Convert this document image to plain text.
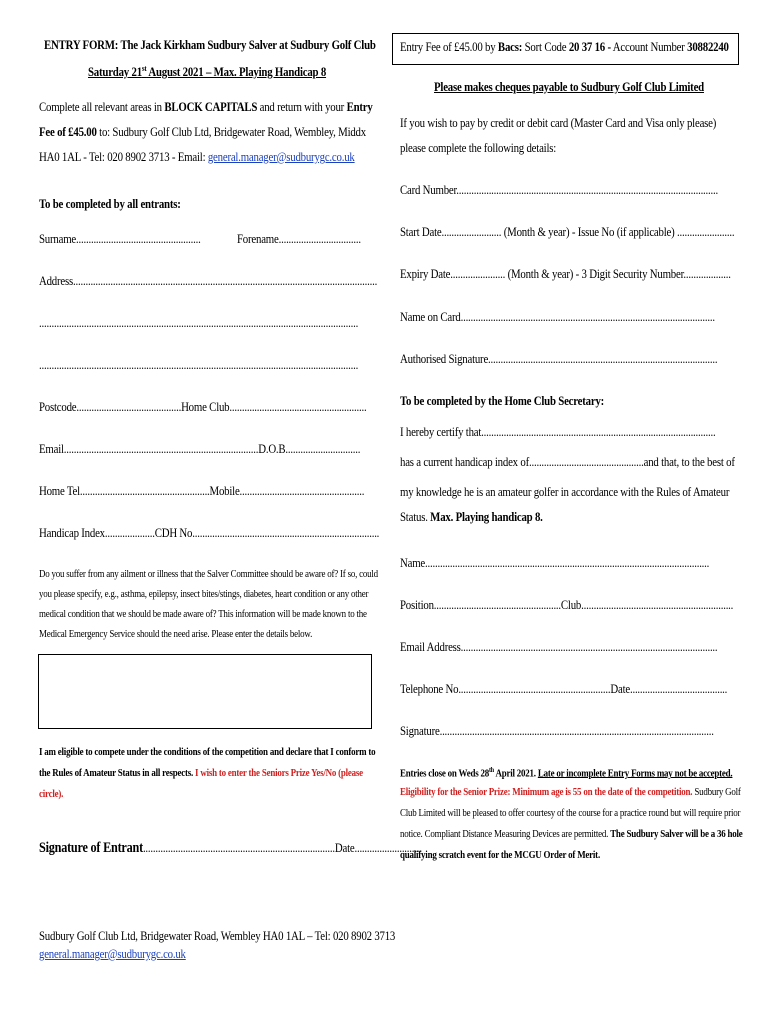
ENTRY FORM: The Jack Kirkham Sudbury Salver at Sudbury Golf Club
Saturday 21st August 2021 – Max. Playing Handicap 8
Complete all relevant areas in BLOCK CAPITALS and return with your Entry
Fee of £45.00 to: Sudbury Golf Club Ltd, Bridgewater Road, Wembley, Middx
HA0 1AL - Tel: 020 8902 3713 - Email: general.manager@sudburygc.co.uk
To be completed by all entrants:
Surname..................................................	Forename.................................
Address..........................................................................................................................
................................................................................................................................
................................................................................................................................
Postcode..........................................Home Club.......................................................
Email..............................................................................D.O.B..............................
Home Tel....................................................Mobile..................................................
Handicap Index....................CDH No...........................................................................
Do you suffer from any ailment or illness that the Salver Committee should be aware of? If so, could
you please specify, e.g., asthma, epilepsy, insect bites/stings, diabetes, heart condition or any other
medical condition that we should be made aware of? This information will be made known to the
Medical Emergency Service should the need arise. Please enter the details below.
I am eligible to compete under the conditions of the competition and declare that I conform to
the Rules of Amateur Status in all respects. I wish to enter the Seniors Prize Yes/No (please
circle).
Signature of Entrant.............................................................................Date...........................
Sudbury Golf Club Ltd, Bridgewater Road, Wembley HA0 1AL – Tel: 020 8902 3713
general.manager@sudburygc.co.uk
Entry Fee of £45.00 by Bacs: Sort Code 20 37 16 - Account Number 30882240
Please makes cheques payable to Sudbury Golf Club Limited
If you wish to pay by credit or debit card (Master Card and Visa only please)
please complete the following details:
Card Number.........................................................................................................
Start Date........................ (Month & year) - Issue No (if applicable) .......................
Expiry Date...................... (Month & year) - 3 Digit Security Number...................
Name on Card......................................................................................................
Authorised Signature............................................................................................
To be completed by the Home Club Secretary:
I hereby certify that..............................................................................................
has a current handicap index of..............................................and that, to the best of
my knowledge he is an amateur golfer in accordance with the Rules of Amateur
Status. Max. Playing handicap 8.
Name..................................................................................................................
Position...................................................Club.............................................................
Email Address.......................................................................................................
Telephone No.............................................................Date.......................................
Signature..............................................................................................................
Entries close on Weds 28th April 2021. Late or incomplete Entry Forms may not be accepted.
Eligibility for the Senior Prize: Minimum age is 55 on the date of the competition. Sudbury Golf
Club Limited will be pleased to offer courtesy of the course for a practice round but will require prior
notice. Compliant Distance Measuring Devices are permitted. The Sudbury Salver will be a 36 hole
qualifying scratch event for the MCGU Order of Merit.
